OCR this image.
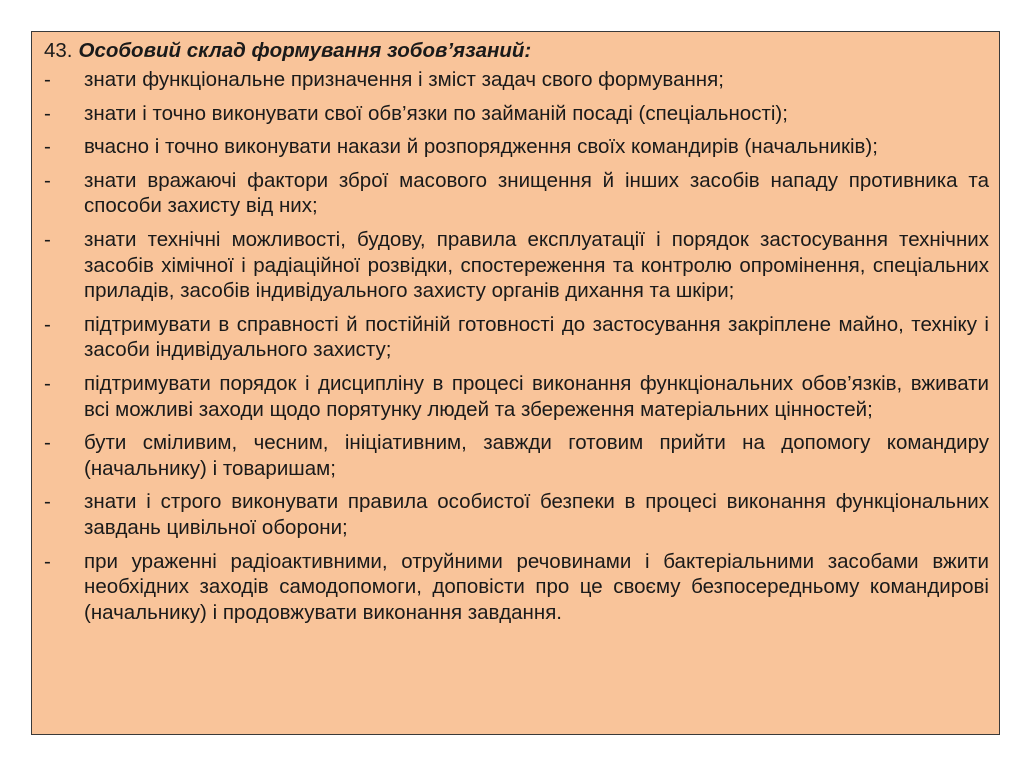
43. Особовий склад формування зобов’язаний:
-	знати функціональне призначення і зміст задач свого формування;
-	знати і точно виконувати свої обв’язки по займаній посаді (спеціальності);
-	вчасно і точно виконувати накази й розпорядження своїх командирів (начальників);
-	знати вражаючі фактори зброї масового знищення й інших засобів нападу противника та способи захисту від них;
-	знати технічні можливості, будову, правила експлуатації і порядок застосування технічних засобів хімічної і радіаційної розвідки, спостереження та контролю опромінення, спеціальних приладів, засобів індивідуального захисту органів дихання та шкіри;
-	підтримувати в справності й постійній готовності до застосування закріплене майно, техніку і засоби індивідуального захисту;
-	підтримувати порядок і дисципліну в процесі виконання функціональних обов’язків, вживати всі можливі заходи щодо порятунку людей та збереження матеріальних цінностей;
-	бути сміливим, чесним, ініціативним, завжди готовим прийти на допомогу командиру (начальнику) і товаришам;
-	знати і строго виконувати правила особистої безпеки в процесі виконання функціональних завдань цивільної оборони;
-	при ураженні радіоактивними, отруйними речовинами і бактеріальними засобами вжити необхідних заходів самодопомоги, доповісти про це своєму безпосередньому командирові (начальнику) і продовжувати виконання завдання.
